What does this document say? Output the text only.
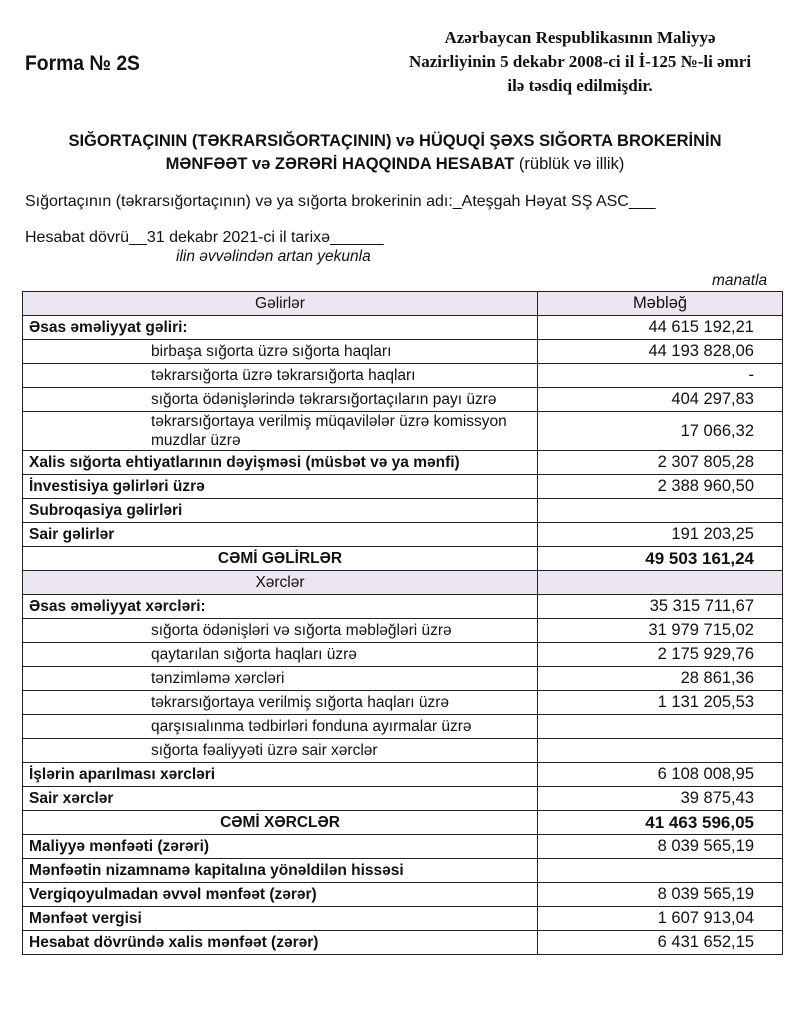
Forma № 2S
Azərbaycan Respublikasının Maliyyə
Nazirliyinin 5 dekabr 2008-ci il İ-125 №-li əmri
ilə təsdiq edilmişdir.
SIĞORTAÇININ (TƏKRARSIĞORTAÇININ) və HÜQUQİ ŞƏXS SIĞORTA BROKERİNİN
MƏNFƏƏT və ZƏRƏRİ HAQQINDA HESABAT (rüblük və illik)
Sığortaçının (təkrarsığortaçının) və ya sığorta brokerinin adı:_Ateşgah Həyat SŞ ASC___
Hesabat dövrü__31 dekabr 2021-ci il tarixə______
ilin əvvəlindən artan yekunla
manatla
Gəlirlər	Məbləğ
Əsas əməliyyat gəliri:	44 615 192,21
birbaşa sığorta üzrə sığorta haqları	44 193 828,06
təkrarsığorta üzrə təkrarsığorta haqları	-
sığorta ödənişlərində təkrarsığortaçıların payı üzrə	404 297,83
təkrarsığortaya verilmiş müqavilələr üzrə komissyon muzdlar üzrə	17 066,32
Xalis sığorta ehtiyatlarının dəyişməsi (müsbət və ya mənfi)	2 307 805,28
İnvestisiya gəlirləri üzrə	2 388 960,50
Subroqasiya gəlirləri	
Sair gəlirlər	191 203,25
CƏMİ GƏLİRLƏR	49 503 161,24
Xərclər	
Əsas əməliyyat xərcləri:	35 315 711,67
sığorta ödənişləri və sığorta məbləğləri üzrə	31 979 715,02
qaytarılan sığorta haqları üzrə	2 175 929,76
tənzimləmə xərcləri	28 861,36
təkrarsığortaya verilmiş sığorta haqları üzrə	1 131 205,53
qarşısıalınma tədbirləri fonduna ayırmalar üzrə	
sığorta fəaliyyəti üzrə sair xərclər	
İşlərin aparılması xərcləri	6 108 008,95
Sair xərclər	39 875,43
CƏMİ XƏRCLƏR	41 463 596,05
Maliyyə mənfəəti (zərəri)	8 039 565,19
Mənfəətin nizamnamə kapitalına yönəldilən hissəsi	
Vergiqoyulmadan əvvəl mənfəət (zərər)	8 039 565,19
Mənfəət vergisi	1 607 913,04
Hesabat dövründə xalis mənfəət (zərər)	6 431 652,15
